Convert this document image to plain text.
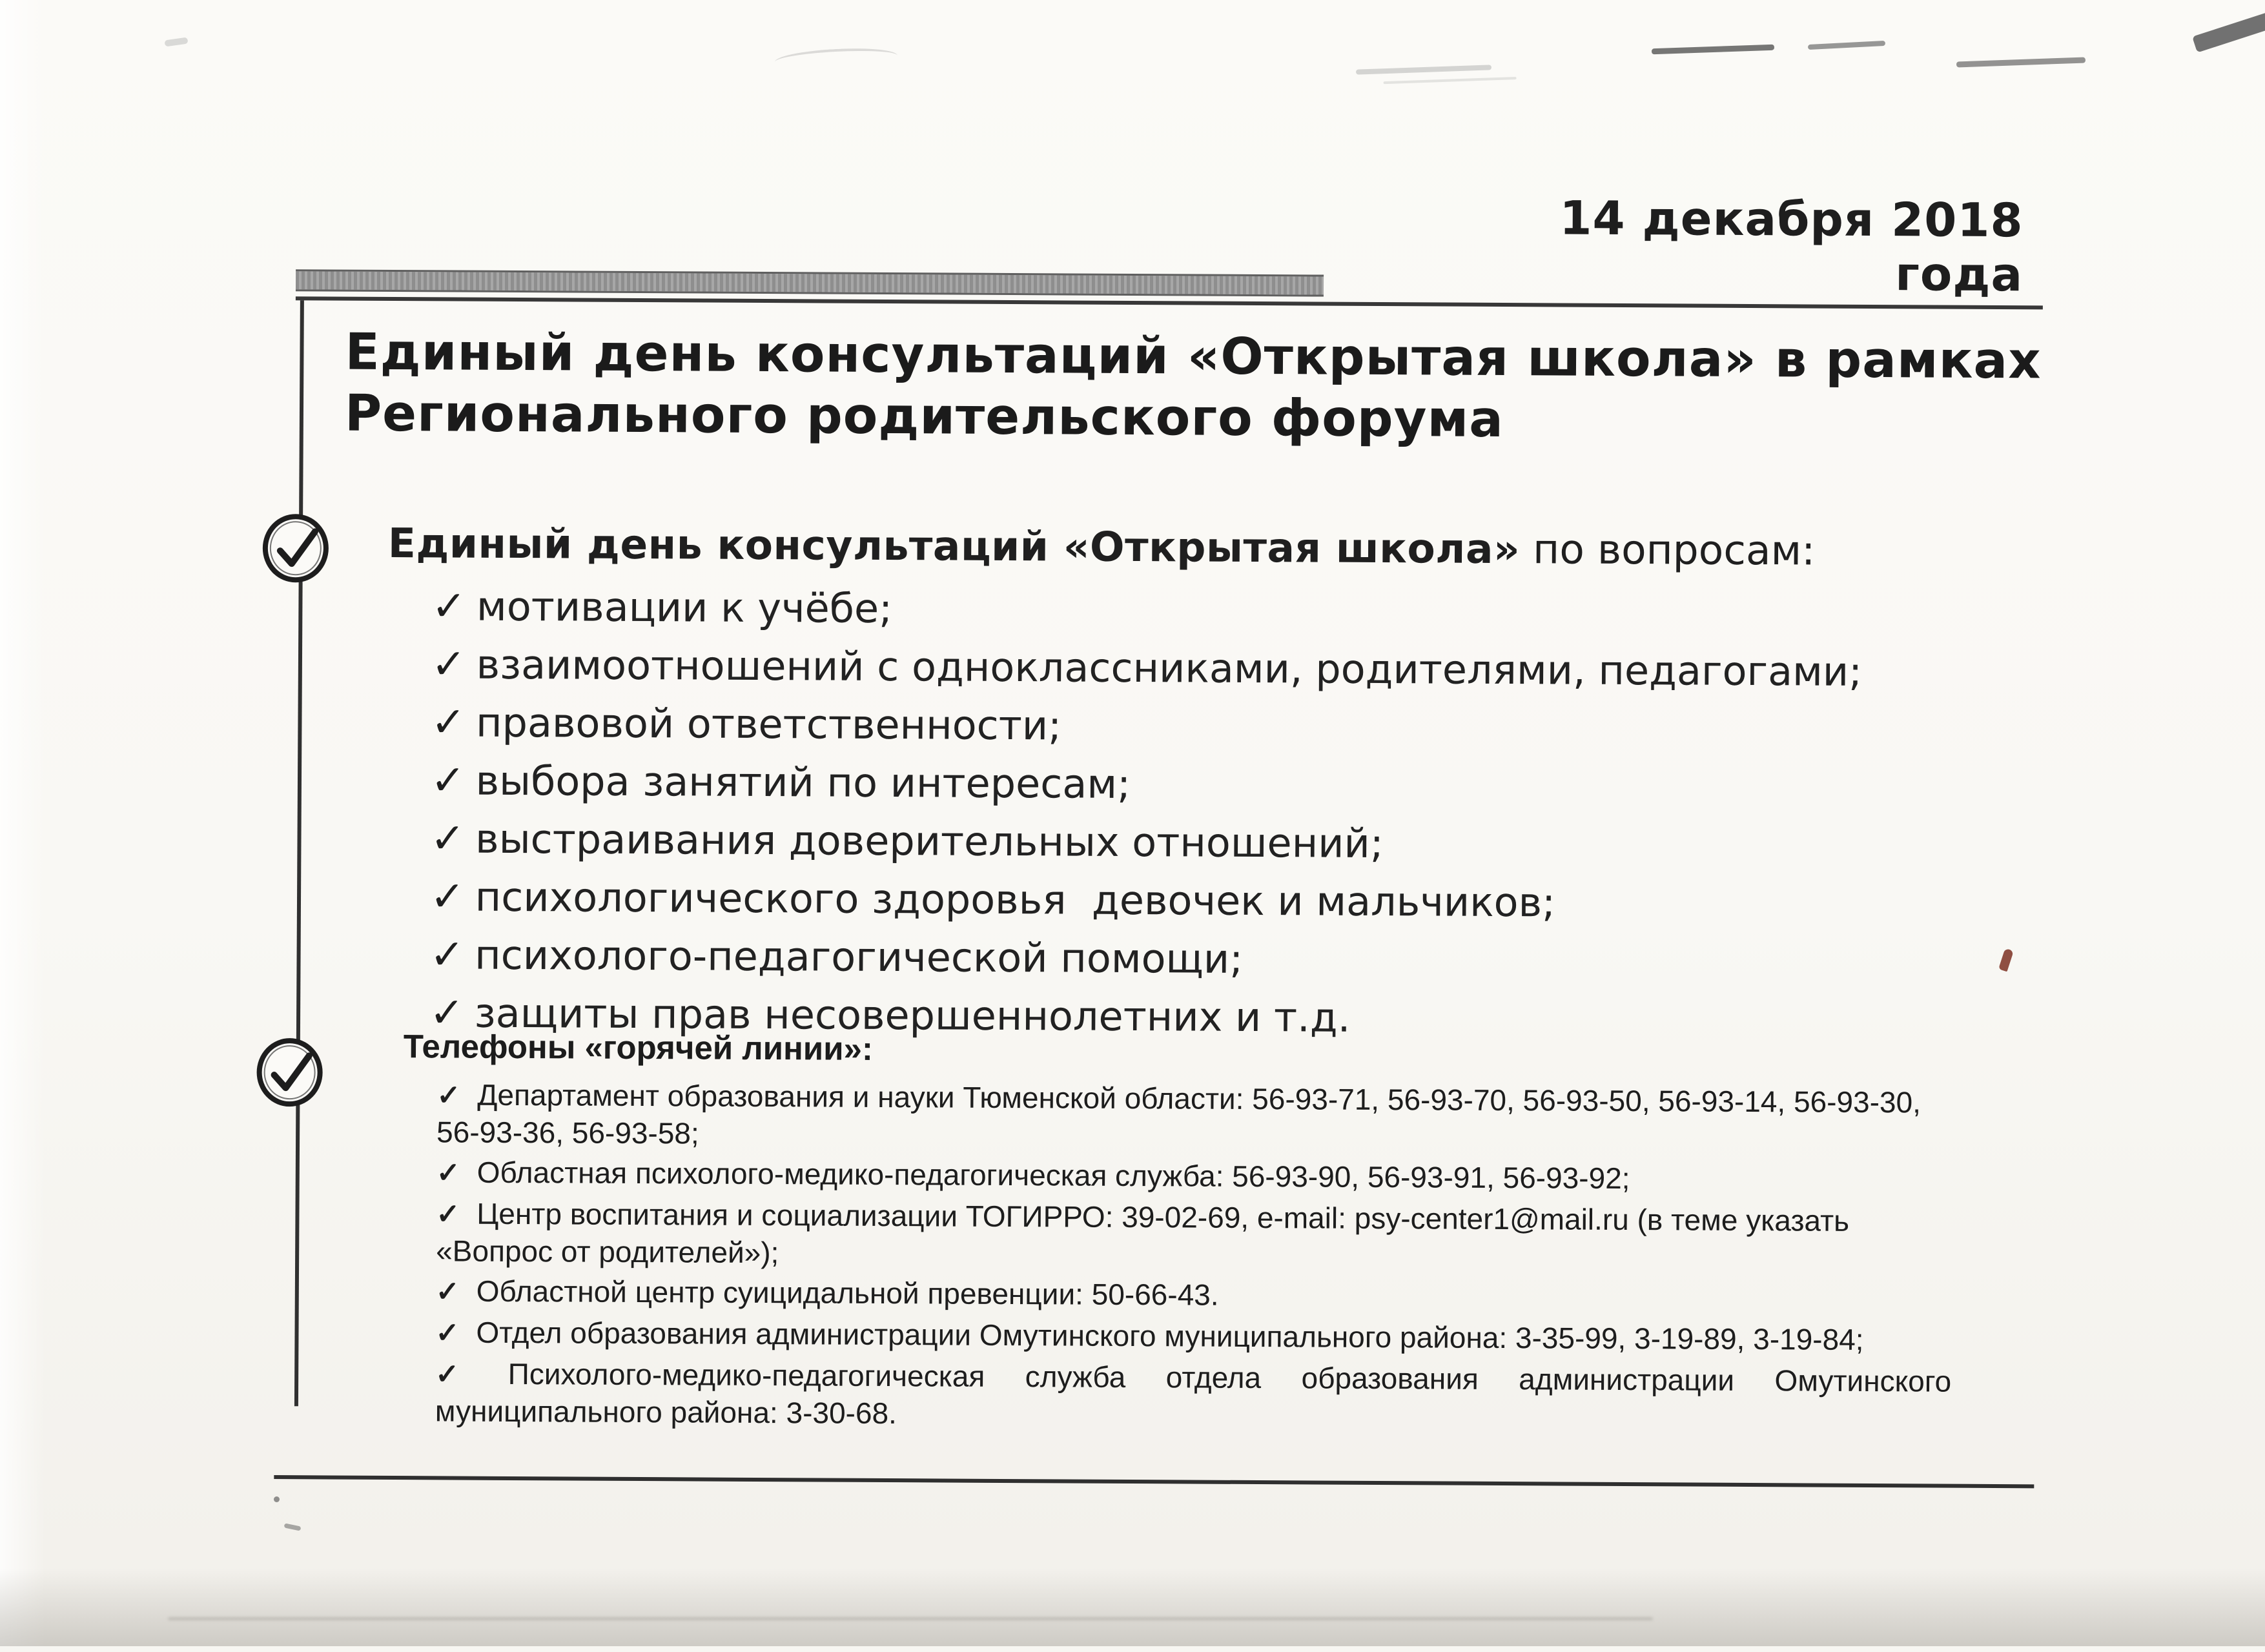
14 декабря 2018 года
Единый день консультаций «Открытая школа» в рамках
Регионального родительского форума
Единый день консультаций «Открытая школа» по вопросам:
✓ мотивации к учёбе;
✓ взаимоотношений с одноклассниками, родителями, педагогами;
✓ правовой ответственности;
✓ выбора занятий по интересам;
✓ выстраивания доверительных отношений;
✓ психологического здоровья  девочек и мальчиков;
✓ психолого-педагогической помощи;
✓ защиты прав несовершеннолетних и т.д.
Телефоны «горячей линии»:
✓ Департамент образования и науки Тюменской области: 56-93-71, 56-93-70, 56-93-50, 56-93-14, 56-93-30, 56-93-36, 56-93-58;
✓ Областная психолого-медико-педагогическая служба: 56-93-90, 56-93-91, 56-93-92;
✓ Центр воспитания и социализации ТОГИРРО: 39-02-69, e-mail: psy-center1@mail.ru (в теме указать «Вопрос от родителей»);
✓ Областной центр суицидальной превенции: 50-66-43.
✓ Отдел образования администрации Омутинского муниципального района: 3-35-99, 3-19-89, 3-19-84;
✓ Психолого-медико-педагогическая служба отдела образования администрации Омутинского муниципального района: 3-30-68.
